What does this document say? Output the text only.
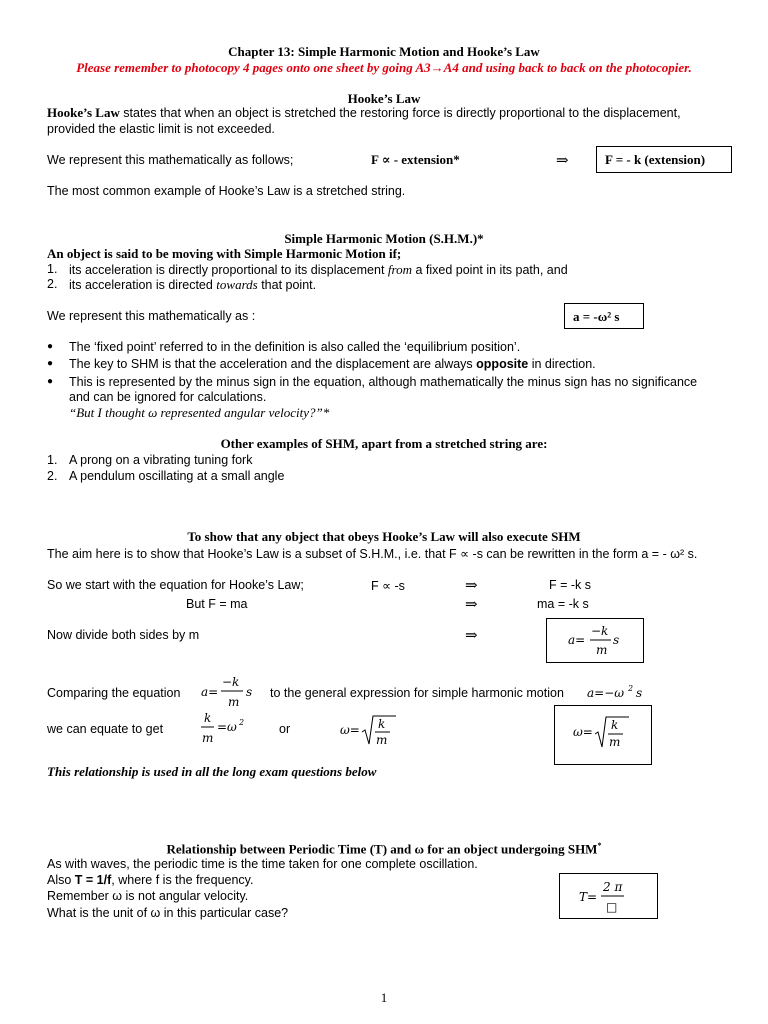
Chapter 13: Simple Harmonic Motion and Hooke’s Law
Please remember to photocopy 4 pages onto one sheet by going A3→A4 and using back to back on the photocopier.
Hooke’s Law
Hooke’s Law states that when an object is stretched the restoring force is directly proportional to the displacement,
provided the elastic limit is not exceeded.
We represent this mathematically as follows;	F ∝ - extension*	⇒	F = - k (extension)
The most common example of Hooke’s Law is a stretched string.
Simple Harmonic Motion (S.H.M.)*
An object is said to be moving with Simple Harmonic Motion if;
1. its acceleration is directly proportional to its displacement from a fixed point in its path, and
2. its acceleration is directed towards that point.
We represent this mathematically as :	a = -ω² s
● The ‘fixed point’ referred to in the definition is also called the ‘equilibrium position’.
● The key to SHM is that the acceleration and the displacement are always opposite in direction.
● This is represented by the minus sign in the equation, although mathematically the minus sign has no significance
and can be ignored for calculations.
“But I thought ω represented angular velocity?”*
Other examples of SHM, apart from a stretched string are:
1. A prong on a vibrating tuning fork
2. A pendulum oscillating at a small angle
To show that any object that obeys Hooke’s Law will also execute SHM
The aim here is to show that Hooke’s Law is a subset of S.H.M., i.e. that F ∝ -s can be rewritten in the form a = - ω² s.
So we start with the equation for Hooke’s Law;	F ∝ -s	⇒	F = -k s
But F = ma	⇒	ma = -k s
Now divide both sides by m	⇒	a=
−k
m
s
Comparing the equation a=
−k
m
s to the general expression for simple harmonic motion a=−ω 2 s
we can equate to get
k
m
=ω 2	or	ω= k
m
ω= k
m
This relationship is used in all the long exam questions below
Relationship between Periodic Time (T) and ω for an object undergoing SHM*
As with waves, the periodic time is the time taken for one complete oscillation.
Also T = 1/f, where f is the frequency.
Remember ω is not angular velocity.
What is the unit of ω in this particular case?
T=
2 π
□
1
